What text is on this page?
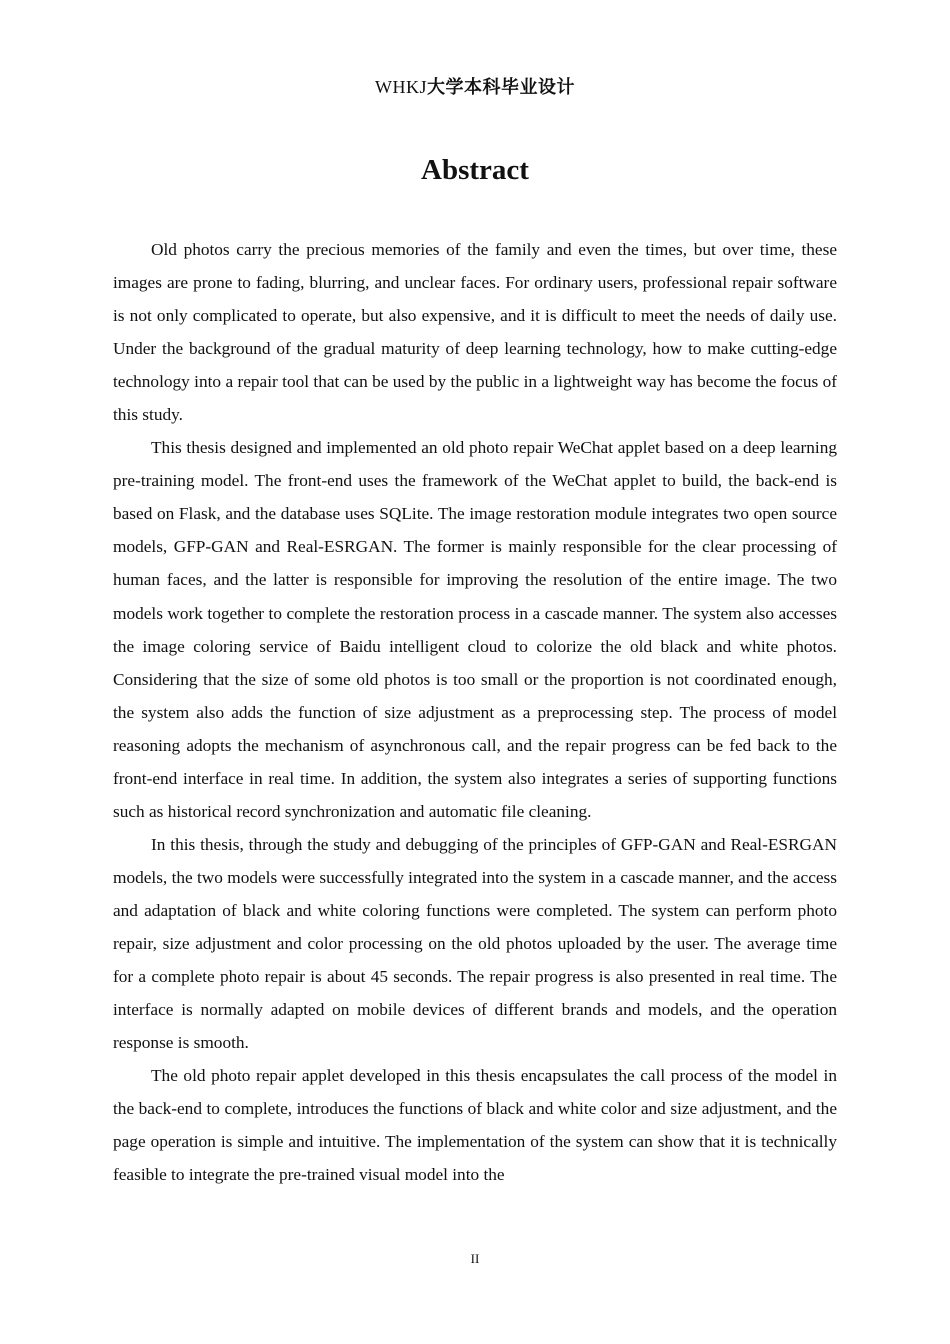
WHKJ大学本科毕业设计
Abstract

Old photos carry the precious memories of the family and even the times, but over time, these images are prone to fading, blurring, and unclear faces. For ordinary users, professional repair software is not only complicated to operate, but also expensive, and it is difficult to meet the needs of daily use. Under the background of the gradual maturity of deep learning technology, how to make cutting-edge technology into a repair tool that can be used by the public in a lightweight way has become the focus of this study.

This thesis designed and implemented an old photo repair WeChat applet based on a deep learning pre-training model. The front-end uses the framework of the WeChat applet to build, the back-end is based on Flask, and the database uses SQLite. The image restoration module integrates two open source models, GFP-GAN and Real-ESRGAN. The former is mainly responsible for the clear processing of human faces, and the latter is responsible for improving the resolution of the entire image. The two models work together to complete the restoration process in a cascade manner. The system also accesses the image coloring service of Baidu intelligent cloud to colorize the old black and white photos. Considering that the size of some old photos is too small or the proportion is not coordinated enough, the system also adds the function of size adjustment as a preprocessing step. The process of model reasoning adopts the mechanism of asynchronous call, and the repair progress can be fed back to the front-end interface in real time. In addition, the system also integrates a series of supporting functions such as historical record synchronization and automatic file cleaning.

In this thesis, through the study and debugging of the principles of GFP-GAN and Real-ESRGAN models, the two models were successfully integrated into the system in a cascade manner, and the access and adaptation of black and white coloring functions were completed. The system can perform photo repair, size adjustment and color processing on the old photos uploaded by the user. The average time for a complete photo repair is about 45 seconds. The repair progress is also presented in real time. The interface is normally adapted on mobile devices of different brands and models, and the operation response is smooth.

The old photo repair applet developed in this thesis encapsulates the call process of the model in the back-end to complete, introduces the functions of black and white color and size adjustment, and the page operation is simple and intuitive. The implementation of the system can show that it is technically feasible to integrate the pre-trained visual model into the

II
